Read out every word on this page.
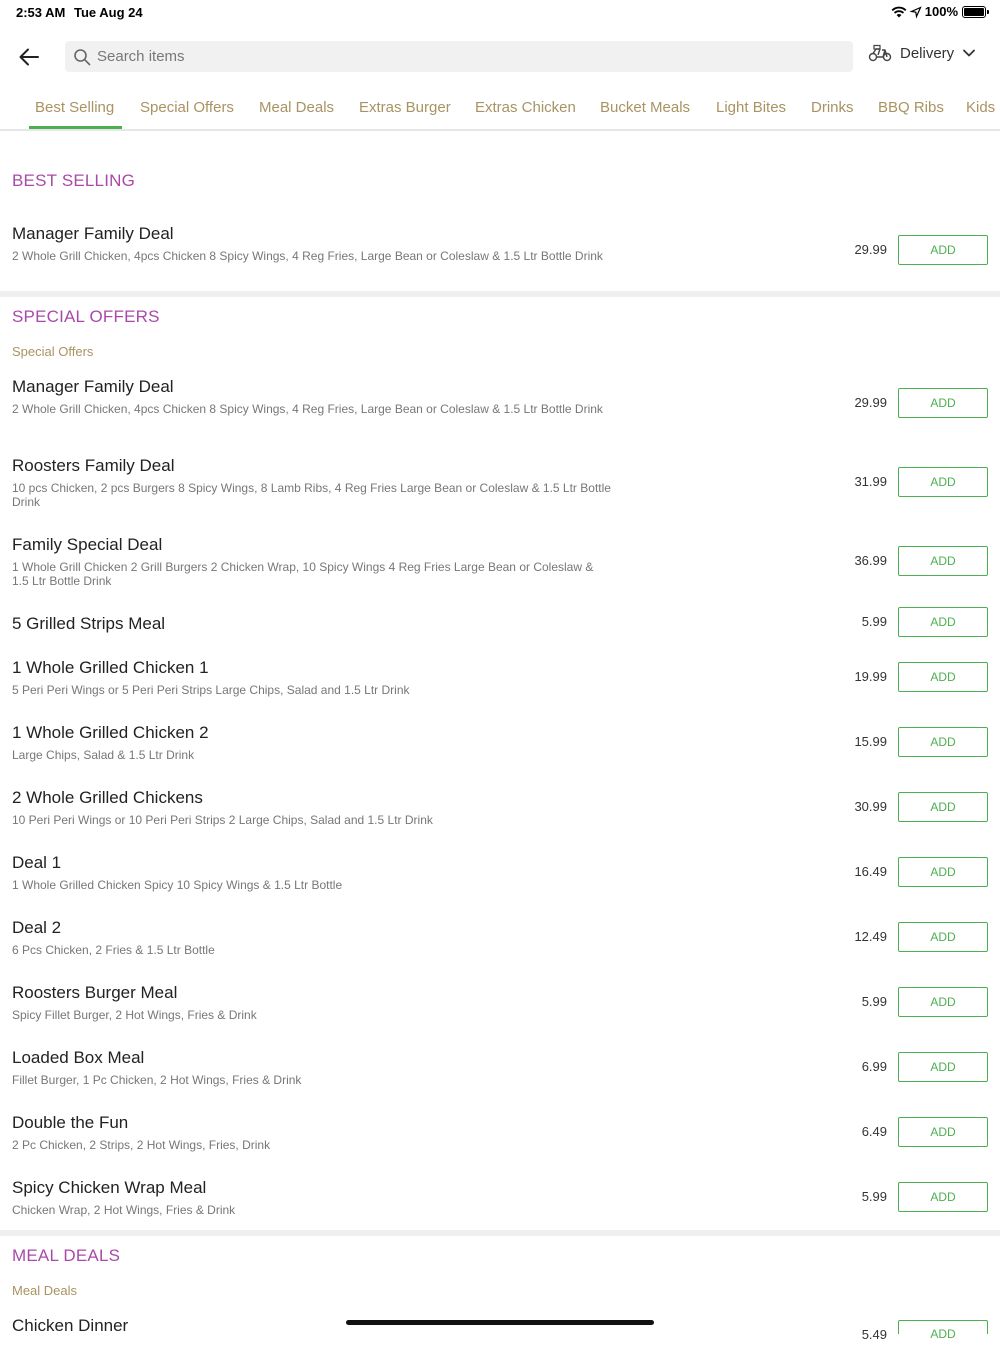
2:53 AM Tue Aug 24	100%
Search items
Delivery
Best Selling Special Offers Meal Deals Extras Burger Extras Chicken Bucket Meals Light Bites Drinks BBQ Ribs Kids
BEST SELLING
Manager Family Deal
2 Whole Grill Chicken, 4pcs Chicken 8 Spicy Wings, 4 Reg Fries, Large Bean or Coleslaw & 1.5 Ltr Bottle Drink	29.99	ADD
SPECIAL OFFERS
Special Offers
Manager Family Deal
2 Whole Grill Chicken, 4pcs Chicken 8 Spicy Wings, 4 Reg Fries, Large Bean or Coleslaw & 1.5 Ltr Bottle Drink	29.99	ADD
Roosters Family Deal
10 pcs Chicken, 2 pcs Burgers 8 Spicy Wings, 8 Lamb Ribs, 4 Reg Fries Large Bean or Coleslaw & 1.5 Ltr Bottle Drink
31.99	ADD
Family Special Deal
1 Whole Grill Chicken 2 Grill Burgers 2 Chicken Wrap, 10 Spicy Wings 4 Reg Fries Large Bean or Coleslaw & 1.5 Ltr Bottle Drink
36.99	ADD
5 Grilled Strips Meal	5.99	ADD
1 Whole Grilled Chicken 1
5 Peri Peri Wings or 5 Peri Peri Strips Large Chips, Salad and 1.5 Ltr Drink
19.99	ADD
1 Whole Grilled Chicken 2
Large Chips, Salad & 1.5 Ltr Drink
15.99	ADD
2 Whole Grilled Chickens
10 Peri Peri Wings or 10 Peri Peri Strips 2 Large Chips, Salad and 1.5 Ltr Drink
30.99	ADD
Deal 1
1 Whole Grilled Chicken Spicy 10 Spicy Wings & 1.5 Ltr Bottle
16.49	ADD
Deal 2
6 Pcs Chicken, 2 Fries & 1.5 Ltr Bottle
12.49	ADD
Roosters Burger Meal
Spicy Fillet Burger, 2 Hot Wings, Fries & Drink
5.99	ADD
Loaded Box Meal
Fillet Burger, 1 Pc Chicken, 2 Hot Wings, Fries & Drink
6.99	ADD
Double the Fun
2 Pc Chicken, 2 Strips, 2 Hot Wings, Fries, Drink
6.49	ADD
Spicy Chicken Wrap Meal
Chicken Wrap, 2 Hot Wings, Fries & Drink
5.99	ADD
MEAL DEALS
Meal Deals
Chicken Dinner	5.49	ADD
